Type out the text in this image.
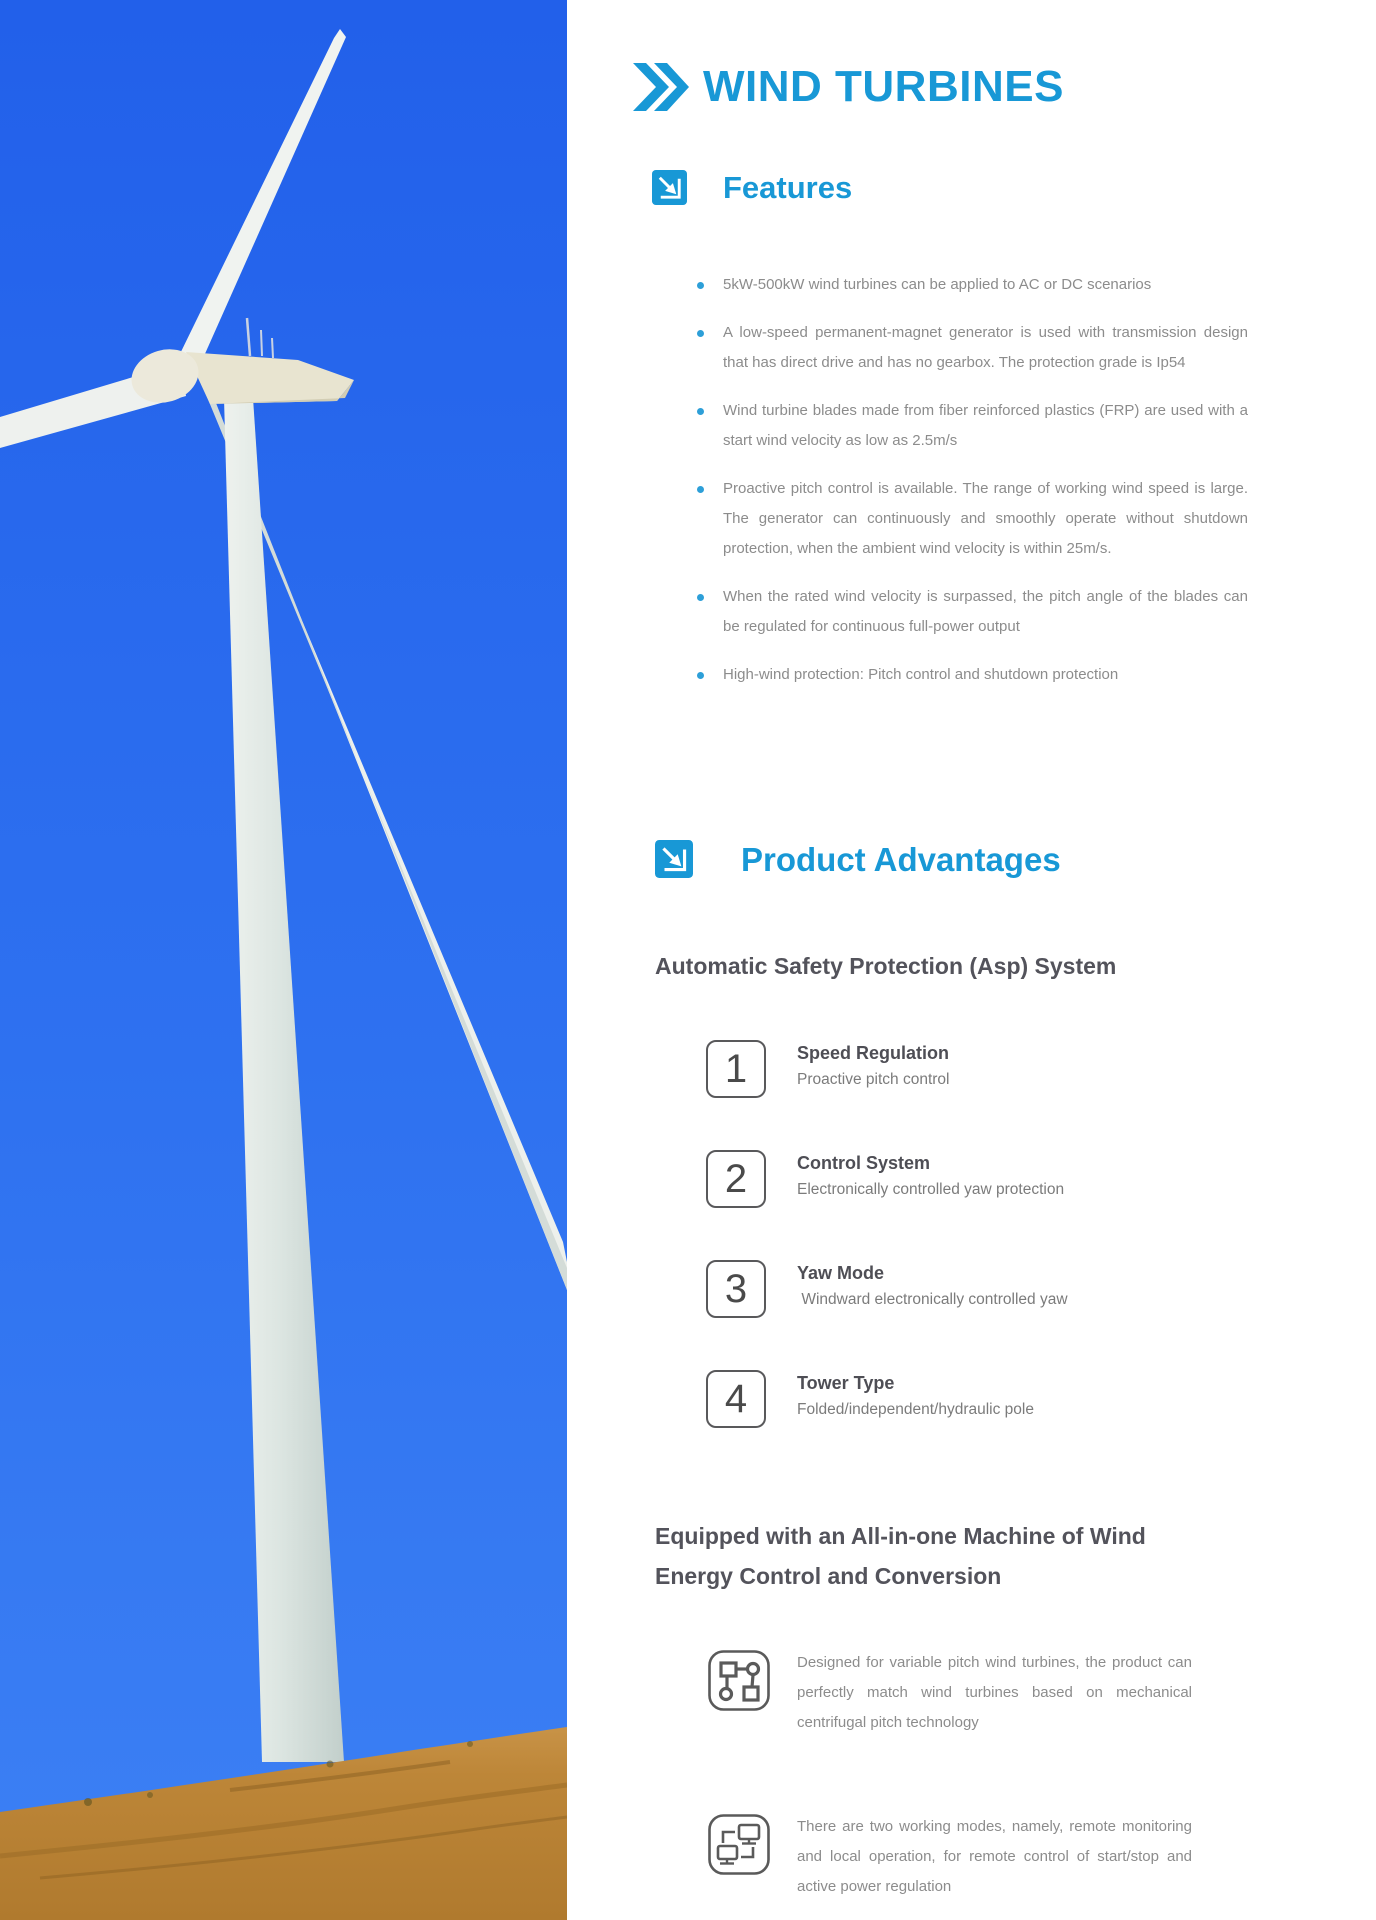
WIND TURBINES
Features
5kW-500kW wind turbines can be applied to AC or DC scenarios
A low-speed permanent-magnet generator is used with transmission design that has direct drive and has no gearbox. The protection grade is Ip54
Wind turbine blades made from fiber reinforced plastics (FRP) are used with a start wind velocity as low as 2.5m/s
Proactive pitch control is available. The range of working wind speed is large. The generator can continuously and smoothly operate without shutdown protection, when the ambient wind velocity is within 25m/s.
When the rated wind velocity is surpassed, the pitch angle of the blades can be regulated for continuous full-power output
High-wind protection: Pitch control and shutdown protection
Product Advantages
Automatic Safety Protection (Asp) System
1	Speed Regulation
Proactive pitch control
2	Control System
Electronically controlled yaw protection
3	Yaw Mode
Windward electronically controlled yaw
4	Tower Type
Folded/independent/hydraulic pole
Equipped with an All-in-one Machine of Wind
Energy Control and Conversion
Designed for variable pitch wind turbines, the product can perfectly match wind turbines based on mechanical centrifugal pitch technology
There are two working modes, namely, remote monitoring and local operation, for remote control of start/stop and active power regulation
